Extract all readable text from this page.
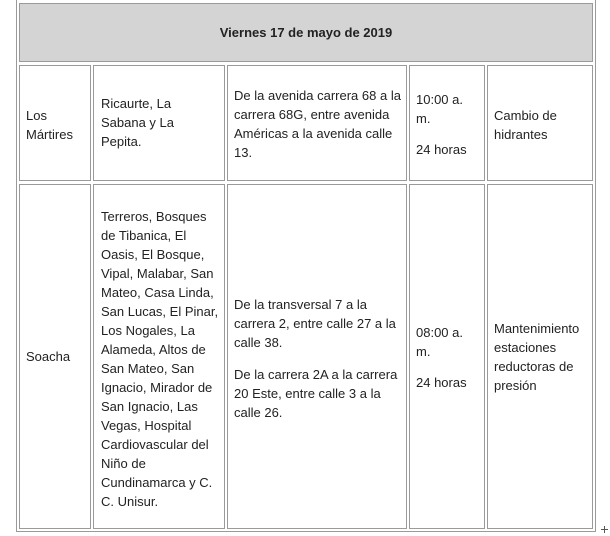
Viernes 17 de mayo de 2019
Los Mártires
Ricaurte, La Sabana y La Pepita.
De la avenida carrera 68 a la carrera 68G, entre avenida Américas a la avenida calle 13.
10:00 a. m.
24 horas
Cambio de hidrantes
Soacha
Terreros, Bosques de Tibanica, El Oasis, El Bosque, Vipal, Malabar, San Mateo, Casa Linda, San Lucas, El Pinar, Los Nogales, La Alameda, Altos de San Mateo, San Ignacio, Mirador de San Ignacio, Las Vegas, Hospital Cardiovascular del Niño de Cundinamarca y C. C. Unisur.
De la transversal 7 a la carrera 2, entre calle 27 a la calle 38.
De la carrera 2A a la carrera 20 Este, entre calle 3 a la calle 26.
08:00 a. m.
24 horas
Mantenimiento estaciones reductoras de presión
